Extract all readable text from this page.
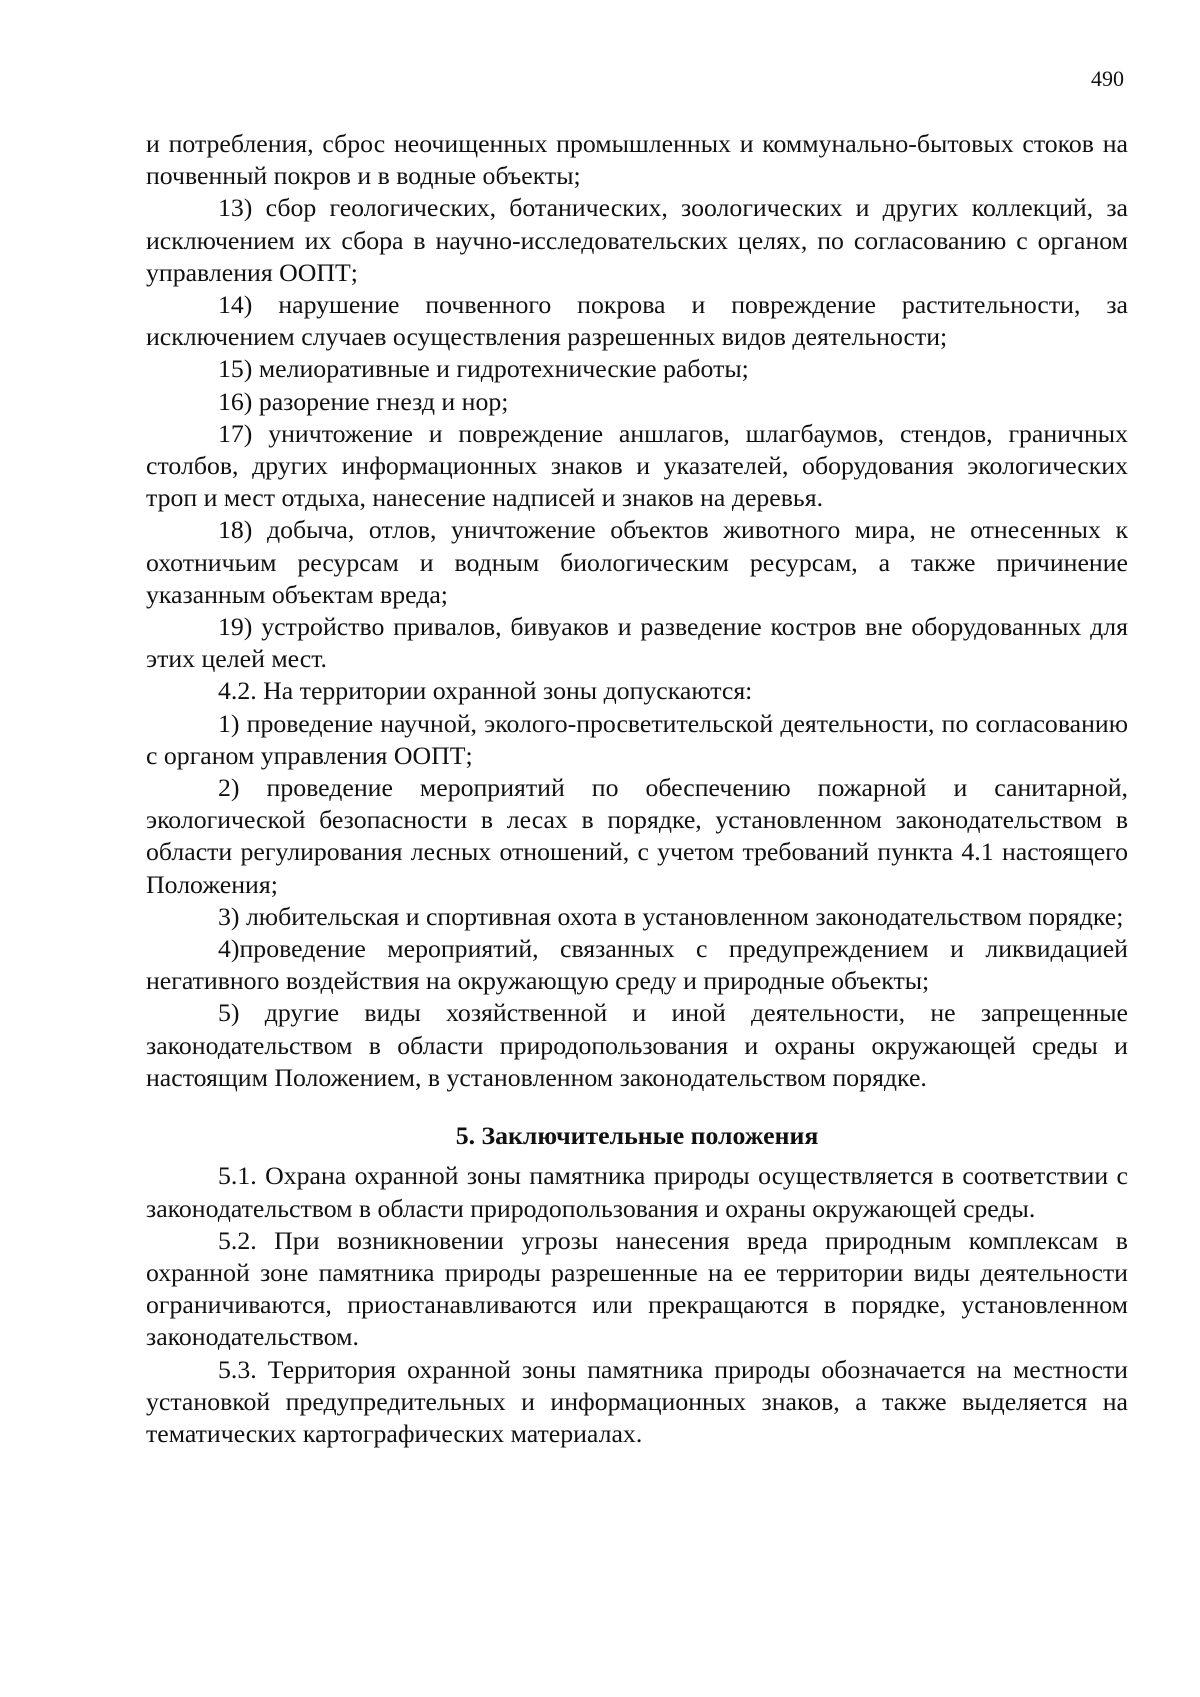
490

и потребления, сброс неочищенных промышленных и коммунально-бытовых стоков на почвенный покров и в водные объекты;

13) сбор геологических, ботанических, зоологических и других коллекций, за исключением их сбора в научно-исследовательских целях, по согласованию с органом управления ООПТ;

14) нарушение почвенного покрова и повреждение растительности, за исключением случаев осуществления разрешенных видов деятельности;

15) мелиоративные и гидротехнические работы;

16) разорение гнезд и нор;

17) уничтожение и повреждение аншлагов, шлагбаумов, стендов, граничных столбов, других информационных знаков и указателей, оборудования экологических троп и мест отдыха, нанесение надписей и знаков на деревья.

18) добыча, отлов, уничтожение объектов животного мира, не отнесенных к охотничьим ресурсам и водным биологическим ресурсам, а также причинение указанным объектам вреда;

19) устройство привалов, бивуаков и разведение костров вне оборудованных для этих целей мест.

4.2. На территории охранной зоны допускаются:

1) проведение научной, эколого-просветительской деятельности, по согласованию с органом управления ООПТ;

2) проведение мероприятий по обеспечению пожарной и санитарной, экологической безопасности в лесах в порядке, установленном законодательством в области регулирования лесных отношений, с учетом требований пункта 4.1 настоящего Положения;

3) любительская и спортивная охота в установленном законодательством порядке;

4)проведение мероприятий, связанных с предупреждением и ликвидацией негативного воздействия на окружающую среду и природные объекты;

5) другие виды хозяйственной и иной деятельности, не запрещенные законодательством в области природопользования и охраны окружающей среды и настоящим Положением, в установленном законодательством порядке.

5. Заключительные положения

5.1. Охрана охранной зоны памятника природы осуществляется в соответствии с законодательством в области природопользования и охраны окружающей среды.

5.2. При возникновении угрозы нанесения вреда природным комплексам в охранной зоне памятника природы разрешенные на ее территории виды деятельности ограничиваются, приостанавливаются или прекращаются в порядке, установленном законодательством.

5.3. Территория охранной зоны памятника природы обозначается на местности установкой предупредительных и информационных знаков, а также выделяется на тематических картографических материалах.
